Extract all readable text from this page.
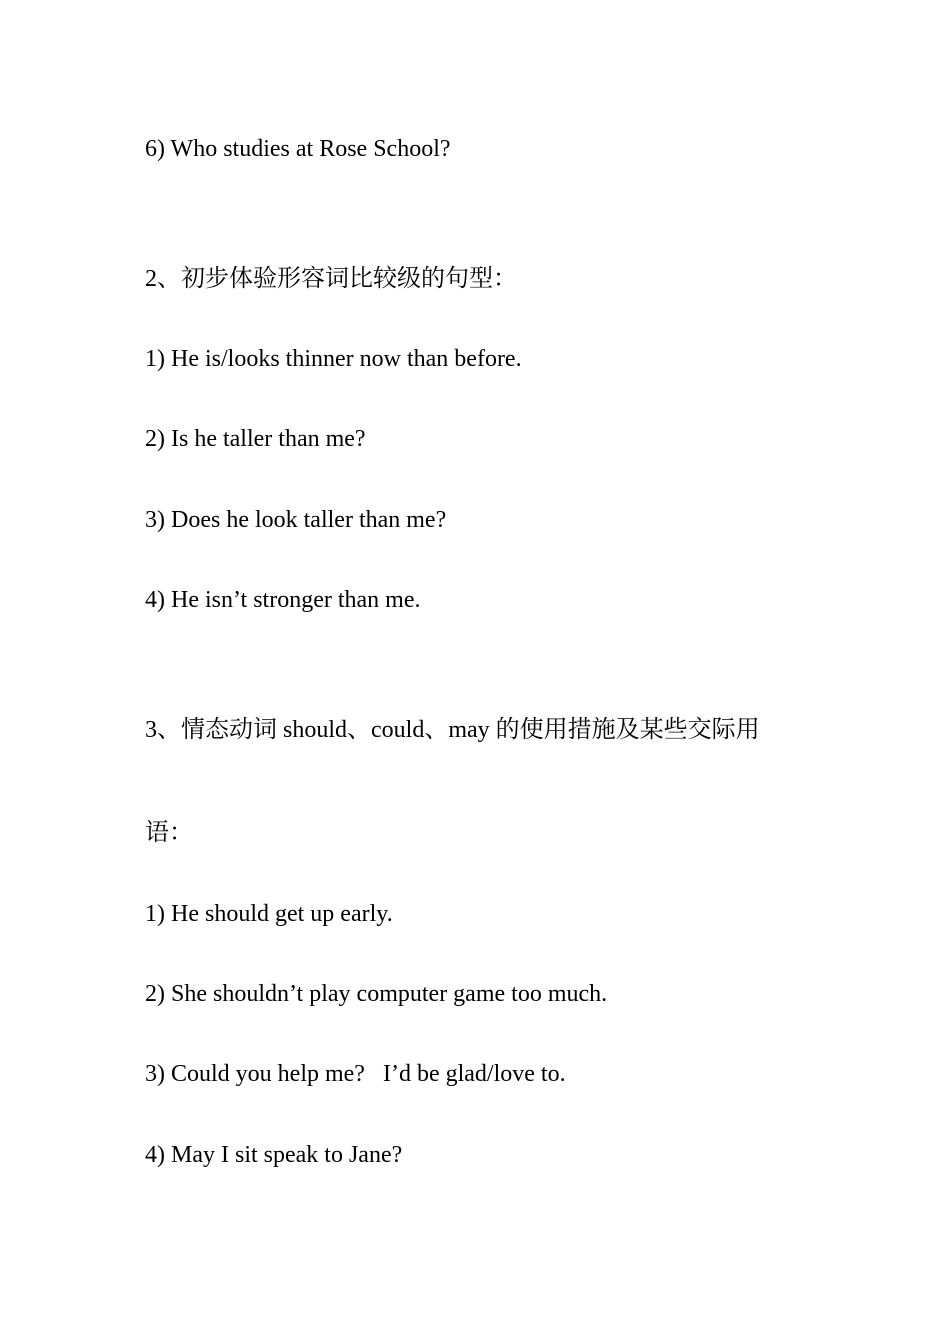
6) Who studies at Rose School?
2、初步体验形容词比较级的句型：
1) He is/looks thinner now than before.
2) Is he taller than me?
3) Does he look taller than me?
4) He isn’t stronger than me.
3、情态动词 should、could、may 的使用措施及某些交际用
语：
1) He should get up early.
2) She shouldn’t play computer game too much.
3) Could you help me?   I’d be glad/love to.
4) May I sit speak to Jane?
